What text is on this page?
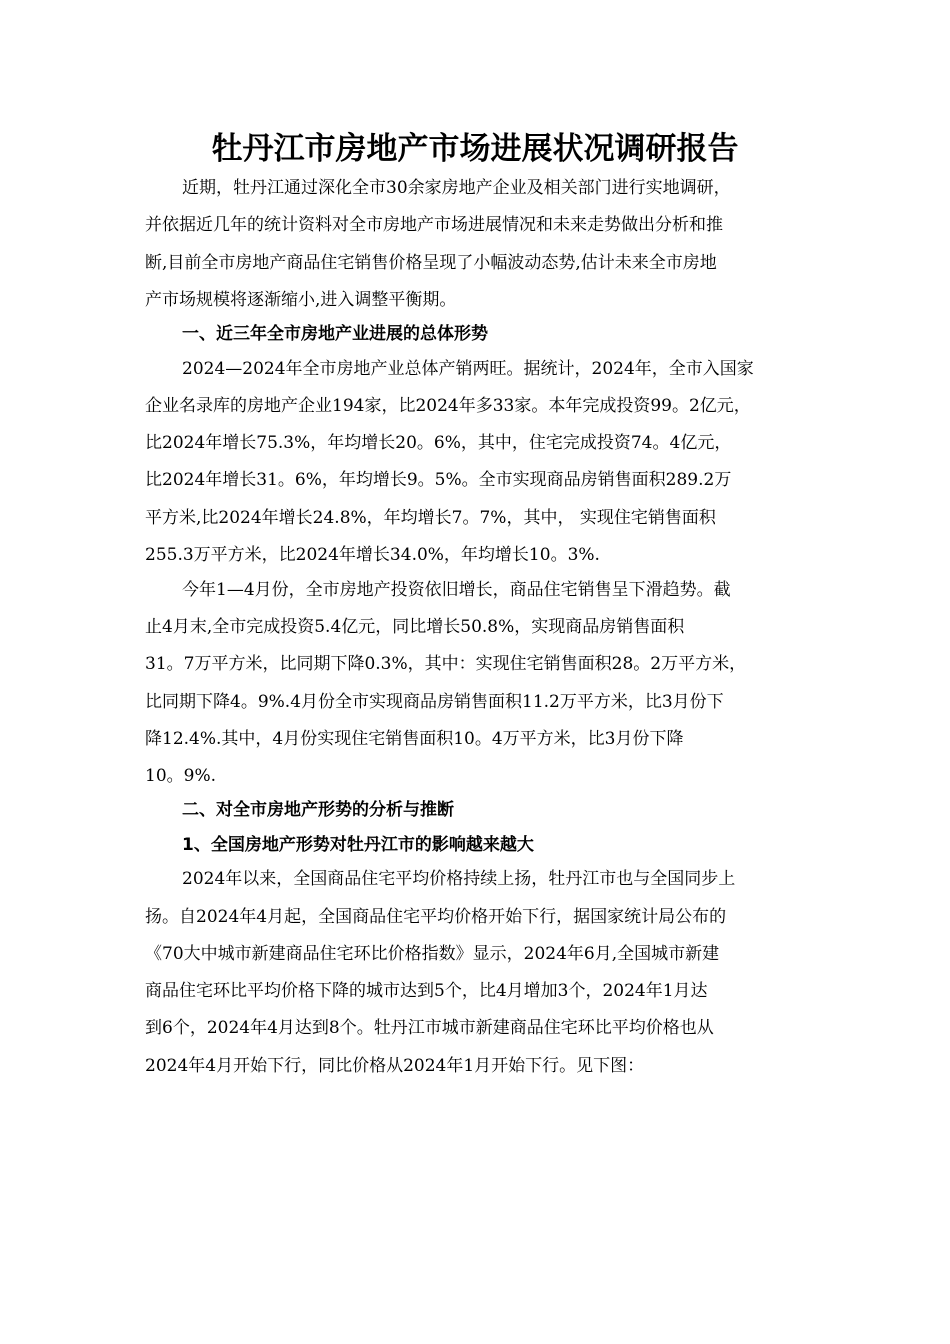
牡丹江市房地产市场进展状况调研报告
近期，牡丹江通过深化全市30余家房地产企业及相关部门进行实地调研，
并依据近几年的统计资料对全市房地产市场进展情况和未来走势做出分析和推
断,目前全市房地产商品住宅销售价格呈现了小幅波动态势,估计未来全市房地
产市场规模将逐渐缩小,进入调整平衡期。
一、近三年全市房地产业进展的总体形势
2024—2024年全市房地产业总体产销两旺。据统计，2024年，全市入国家
企业名录库的房地产企业194家，比2024年多33家。本年完成投资99。2亿元，
比2024年增长75.3%，年均增长20。6%，其中，住宅完成投资74。4亿元，
比2024年增长31。6%，年均增长9。5%。全市实现商品房销售面积289.2万
平方米,比2024年增长24.8%，年均增长7。7%，其中， 实现住宅销售面积
255.3万平方米，比2024年增长34.0%，年均增长10。3%.
今年1—4月份，全市房地产投资依旧增长，商品住宅销售呈下滑趋势。截
止4月末,全市完成投资5.4亿元，同比增长50.8%，实现商品房销售面积
31。7万平方米，比同期下降0.3%，其中：实现住宅销售面积28。2万平方米，
比同期下降4。9%.4月份全市实现商品房销售面积11.2万平方米，比3月份下
降12.4%.其中，4月份实现住宅销售面积10。4万平方米，比3月份下降
10。9%.
二、对全市房地产形势的分析与推断
1、全国房地产形势对牡丹江市的影响越来越大
2024年以来，全国商品住宅平均价格持续上扬，牡丹江市也与全国同步上
扬。自2024年4月起，全国商品住宅平均价格开始下行，据国家统计局公布的
《70大中城市新建商品住宅环比价格指数》显示，2024年6月,全国城市新建
商品住宅环比平均价格下降的城市达到5个，比4月增加3个，2024年1月达
到6个，2024年4月达到8个。牡丹江市城市新建商品住宅环比平均价格也从
2024年4月开始下行，同比价格从2024年1月开始下行。见下图：
